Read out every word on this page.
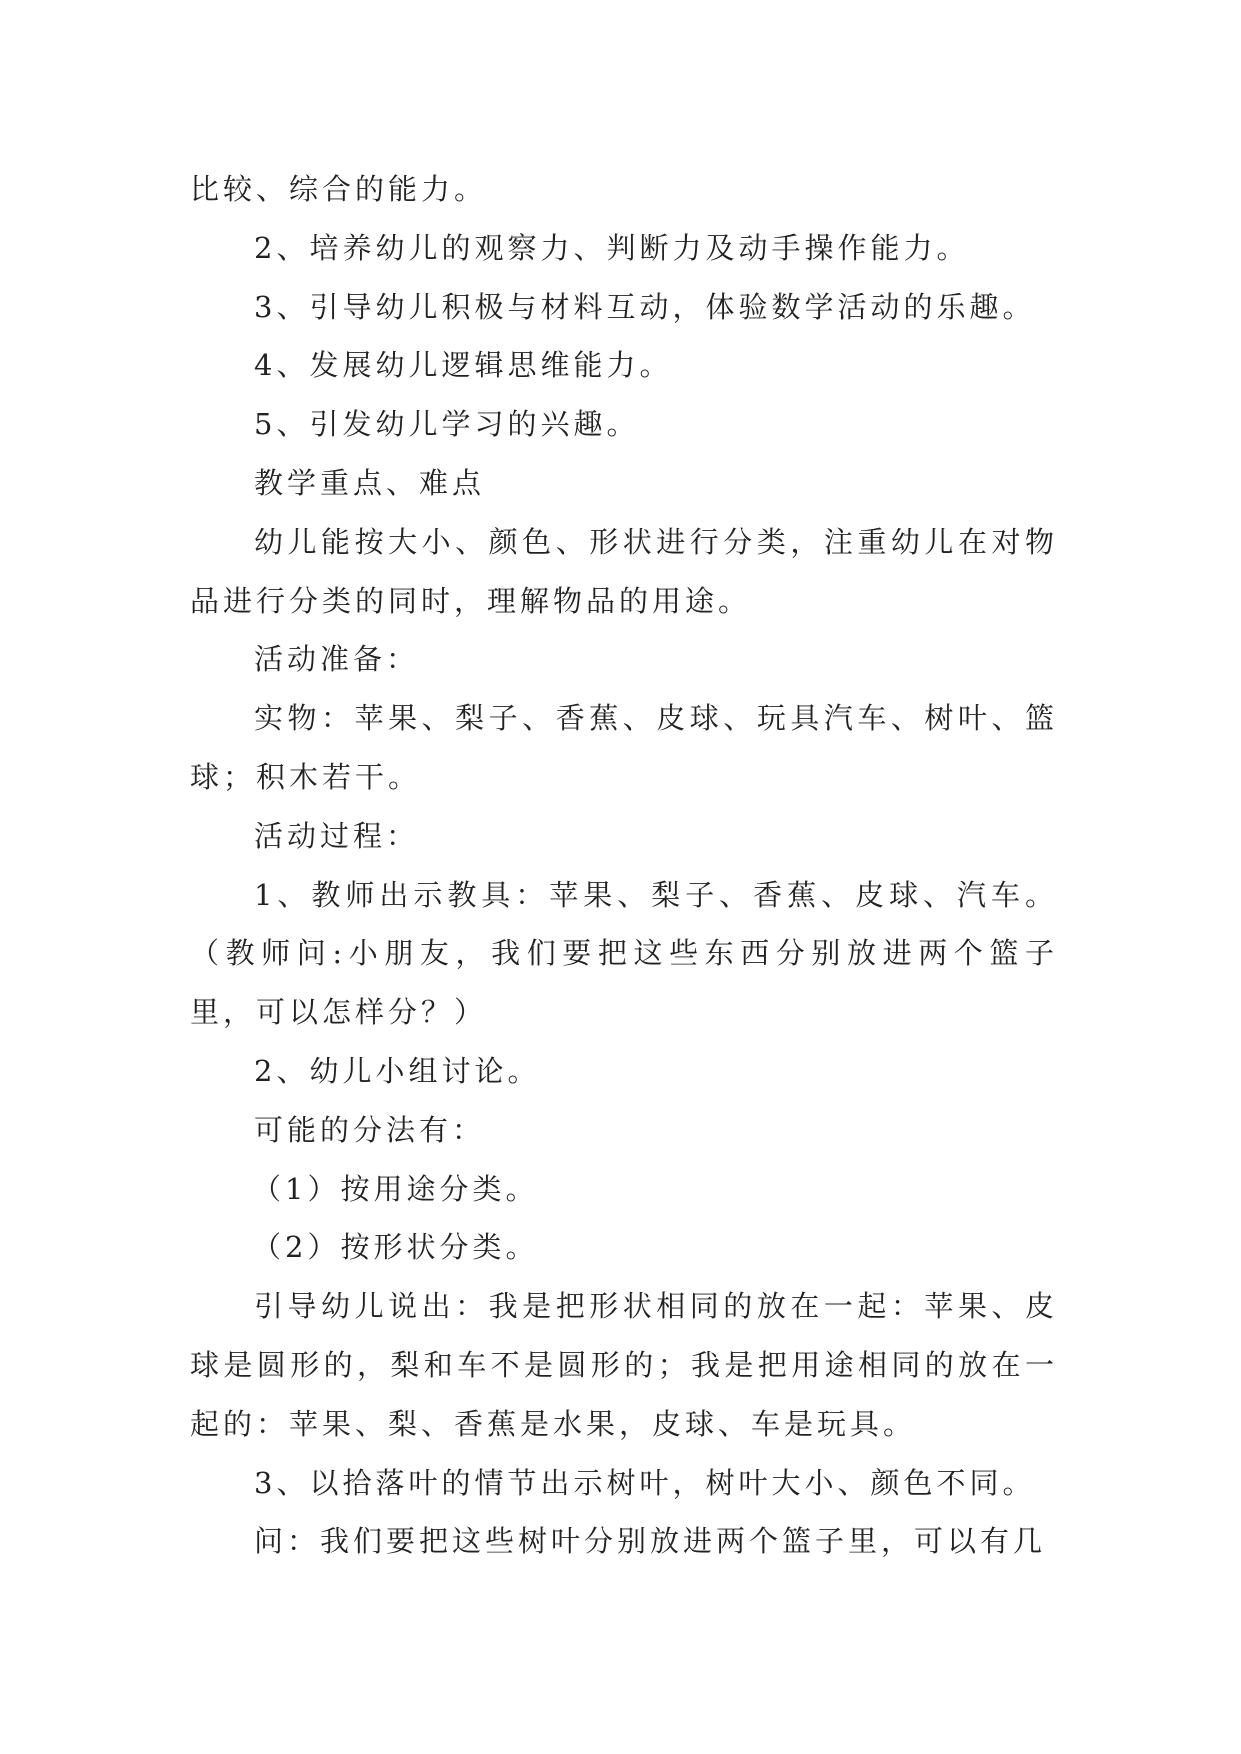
比较、综合的能力。

2、培养幼儿的观察力、判断力及动手操作能力。

3、引导幼儿积极与材料互动，体验数学活动的乐趣。

4、发展幼儿逻辑思维能力。

5、引发幼儿学习的兴趣。

教学重点、难点

幼儿能按大小、颜色、形状进行分类，注重幼儿在对物品进行分类的同时，理解物品的用途。

活动准备：

实物：苹果、梨子、香蕉、皮球、玩具汽车、树叶、篮球；积木若干。

活动过程：

1、教师出示教具：苹果、梨子、香蕉、皮球、汽车。（教师问:小朋友，我们要把这些东西分别放进两个篮子里，可以怎样分？）

2、幼儿小组讨论。

可能的分法有：

（1）按用途分类。

（2）按形状分类。

引导幼儿说出：我是把形状相同的放在一起：苹果、皮球是圆形的，梨和车不是圆形的；我是把用途相同的放在一起的：苹果、梨、香蕉是水果，皮球、车是玩具。

3、以拾落叶的情节出示树叶，树叶大小、颜色不同。

问：我们要把这些树叶分别放进两个篮子里，可以有几
